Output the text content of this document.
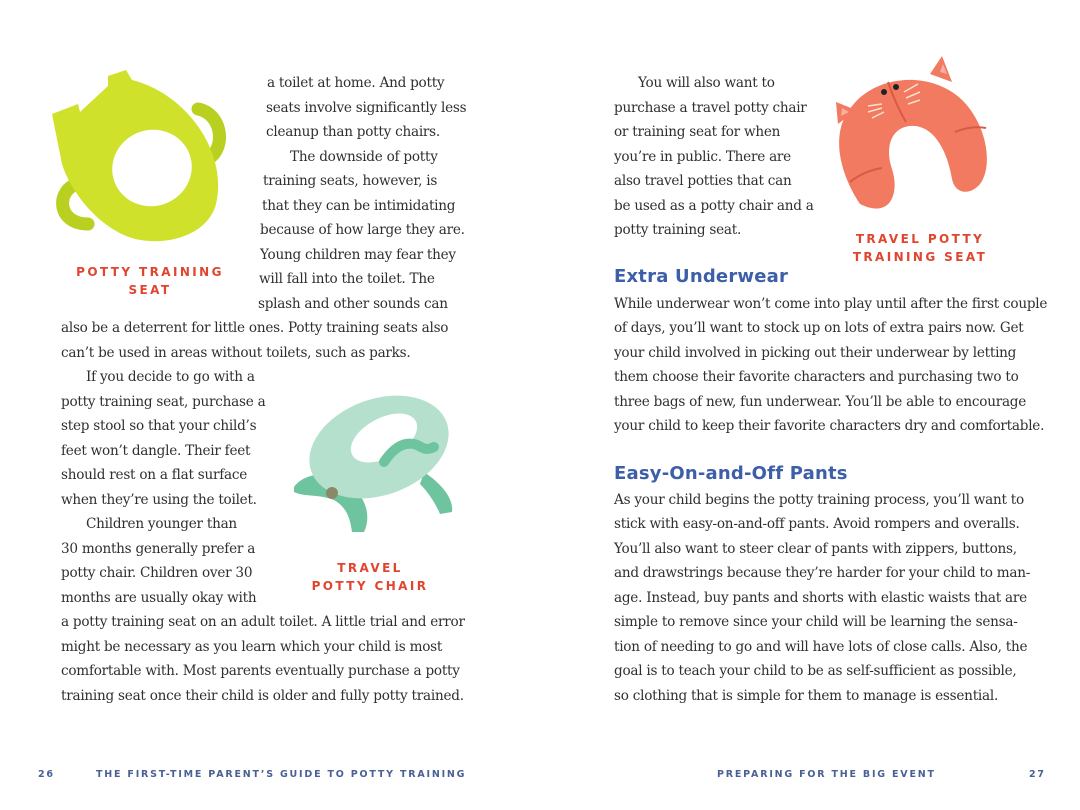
POTTY TRAINING
SEAT
TRAVEL
POTTY CHAIR
a toilet at home. And potty
seats involve significantly less
cleanup than potty chairs.
The downside of potty
training seats, however, is
that they can be intimidating
because of how large they are.
Young children may fear they
will fall into the toilet. The
splash and other sounds can
also be a deterrent for little ones. Potty training seats also
can’t be used in areas without toilets, such as parks.
If you decide to go with a
potty training seat, purchase a
step stool so that your child’s
feet won’t dangle. Their feet
should rest on a flat surface
when they’re using the toilet.
Children younger than
30 months generally prefer a
potty chair. Children over 30
months are usually okay with
a potty training seat on an adult toilet. A little trial and error
might be necessary as you learn which your child is most
comfortable with. Most parents eventually purchase a potty
training seat once their child is older and fully potty trained.
26	THE FIRST-TIME PARENT’S GUIDE TO POTTY TRAINING
TRAVEL POTTY
TRAINING SEAT
You will also want to
purchase a travel potty chair
or training seat for when
you’re in public. There are
also travel potties that can
be used as a potty chair and a
potty training seat.
Extra Underwear
While underwear won’t come into play until after the first couple
of days, you’ll want to stock up on lots of extra pairs now. Get
your child involved in picking out their underwear by letting
them choose their favorite characters and purchasing two to
three bags of new, fun underwear. You’ll be able to encourage
your child to keep their favorite characters dry and comfortable.
Easy-On-and-Off Pants
As your child begins the potty training process, you’ll want to
stick with easy-on-and-off pants. Avoid rompers and overalls.
You’ll also want to steer clear of pants with zippers, buttons,
and drawstrings because they’re harder for your child to man-
age. Instead, buy pants and shorts with elastic waists that are
simple to remove since your child will be learning the sensa-
tion of needing to go and will have lots of close calls. Also, the
goal is to teach your child to be as self-sufficient as possible,
so clothing that is simple for them to manage is essential.
PREPARING FOR THE BIG EVENT	27
